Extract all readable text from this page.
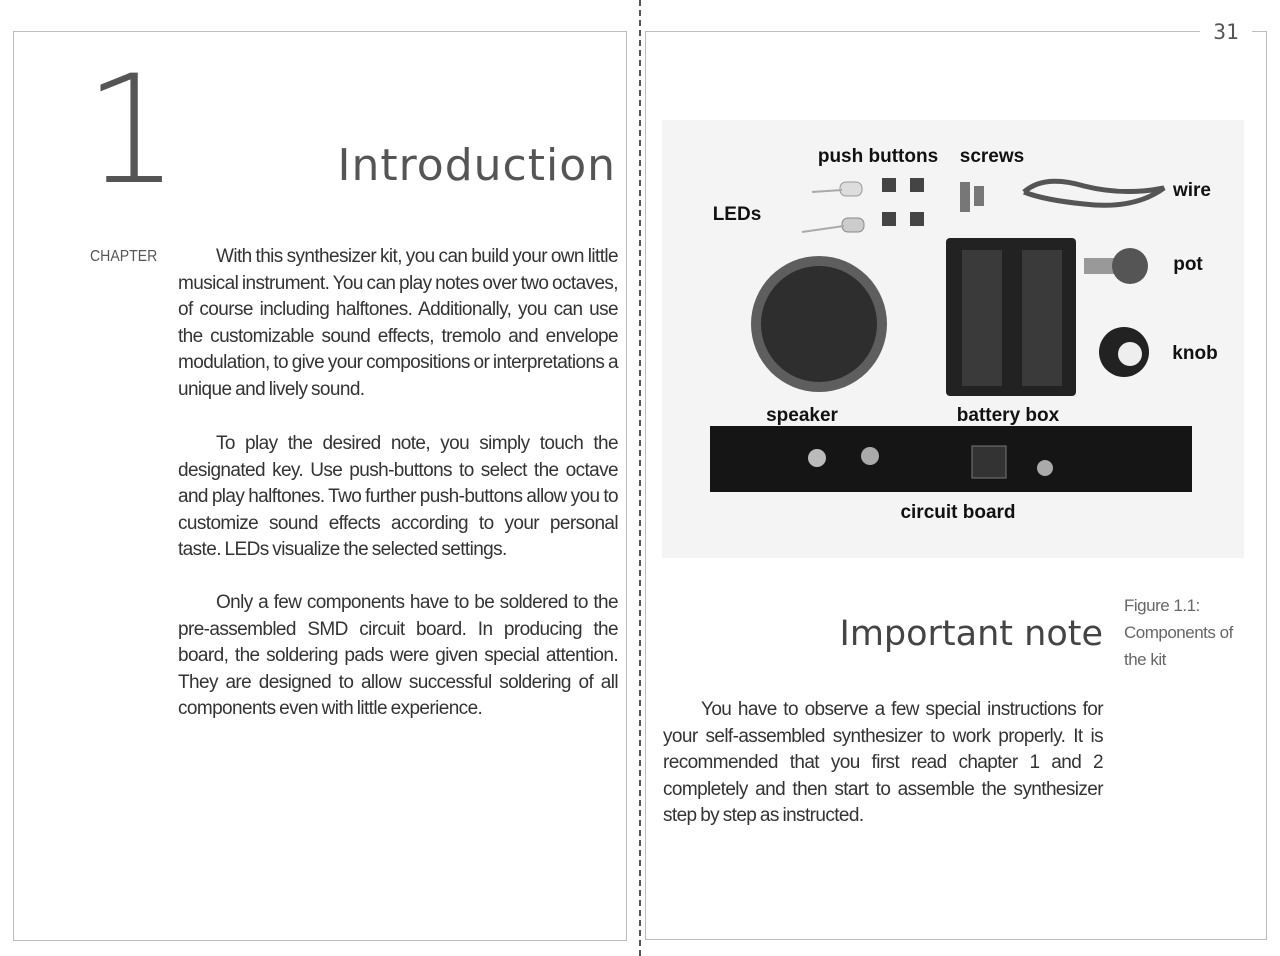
31
1	Introduction
CHAPTER	With this synthesizer kit, you can build your own little musical instrument. You can play notes over two octaves, of course including halftones. Additionally, you can use the customizable sound effects, tremolo and envelope modulation, to give your compositions or interpretations a unique and lively sound.

To play the desired note, you simply touch the designated key. Use push-buttons to select the octave and play halftones. Two further push-buttons allow you to customize sound effects according to your personal taste. LEDs visualize the selected settings.

Only a few components have to be soldered to the pre-assembled SMD circuit board. In producing the board, the soldering pads were given special attention. They are designed to allow successful soldering of all components even with little experience.

push buttons screws
wire
LEDs
pot
knob
speaker	battery box
circuit board
Figure 1.1: Components of the kit
Important note

You have to observe a few special instructions for your self-assembled synthesizer to work properly. It is recommended that you first read chapter 1 and 2 completely and then start to assemble the synthesizer step by step as instructed.
